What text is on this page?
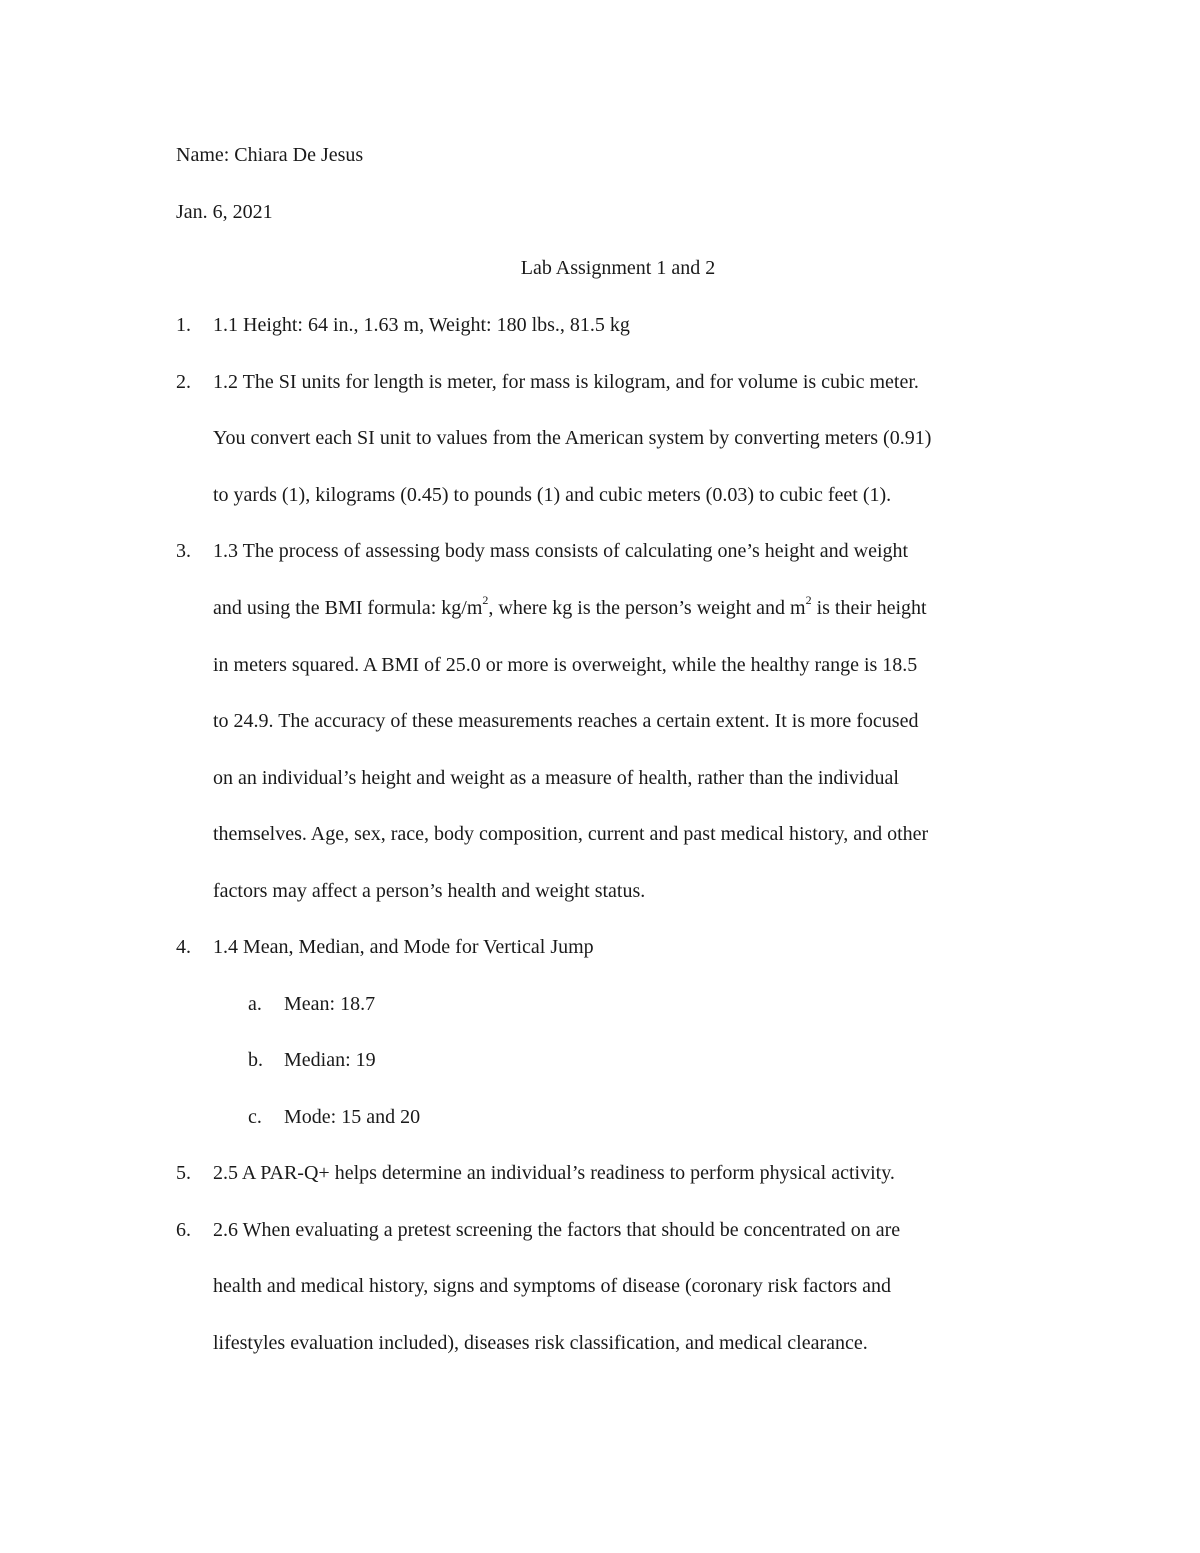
Name: Chiara De Jesus
Jan. 6, 2021
Lab Assignment 1 and 2
1. 1.1 Height: 64 in., 1.63 m, Weight: 180 lbs., 81.5 kg
2. 1.2 The SI units for length is meter, for mass is kilogram, and for volume is cubic meter.
You convert each SI unit to values from the American system by converting meters (0.91)
to yards (1), kilograms (0.45) to pounds (1) and cubic meters (0.03) to cubic feet (1).
3. 1.3 The process of assessing body mass consists of calculating one’s height and weight
and using the BMI formula: $kg/m^2$, where kg is the person’s weight and $m^2$ is their height
in meters squared. A BMI of 25.0 or more is overweight, while the healthy range is 18.5
to 24.9. The accuracy of these measurements reaches a certain extent. It is more focused
on an individual’s height and weight as a measure of health, rather than the individual
themselves. Age, sex, race, body composition, current and past medical history, and other
factors may affect a person’s health and weight status.
4. 1.4 Mean, Median, and Mode for Vertical Jump
a. Mean: 18.7
b. Median: 19
c. Mode: 15 and 20
5. 2.5 A PAR-Q+ helps determine an individual’s readiness to perform physical activity.
6. 2.6 When evaluating a pretest screening the factors that should be concentrated on are
health and medical history, signs and symptoms of disease (coronary risk factors and
lifestyles evaluation included), diseases risk classification, and medical clearance.
